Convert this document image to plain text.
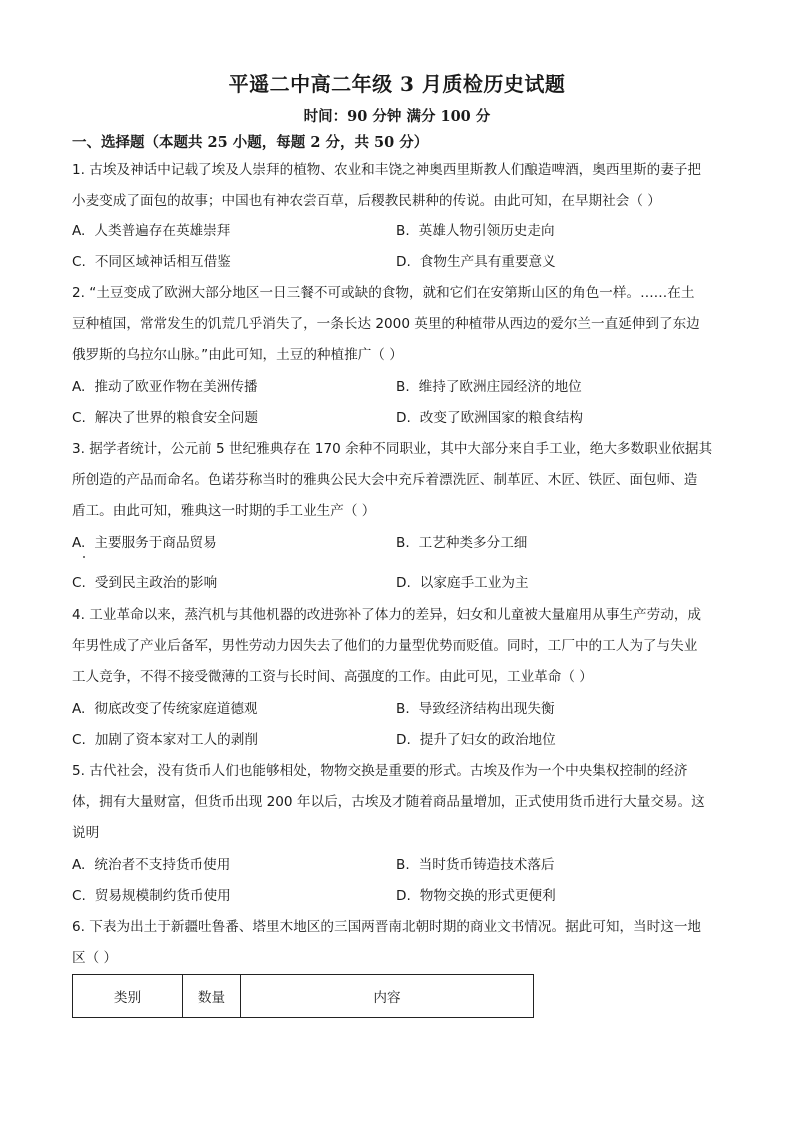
平遥二中高二年级 3 月质检历史试题
时间：90 分钟 满分 100 分
一、选择题（本题共 25 小题，每题 2 分，共 50 分）
1. 古埃及神话中记载了埃及人崇拜的植物、农业和丰饶之神奥西里斯教人们酿造啤酒，奥西里斯的妻子把
小麦变成了面包的故事；中国也有神农尝百草，后稷教民耕种的传说。由此可知，在早期社会（ ）
A. 人类普遍存在英雄崇拜	B. 英雄人物引领历史走向
C. 不同区域神话相互借鉴	D. 食物生产具有重要意义
2. “土豆变成了欧洲大部分地区一日三餐不可或缺的食物，就和它们在安第斯山区的角色一样。……在土
豆种植国，常常发生的饥荒几乎消失了，一条长达 2000 英里的种植带从西边的爱尔兰一直延伸到了东边
俄罗斯的乌拉尔山脉。”由此可知，土豆的种植推广（ ）
A. 推动了欧亚作物在美洲传播	B. 维持了欧洲庄园经济的地位
C. 解决了世界的粮食安全问题	D. 改变了欧洲国家的粮食结构
3. 据学者统计，公元前 5 世纪雅典存在 170 余种不同职业，其中大部分来自手工业，绝大多数职业依据其
所创造的产品而命名。色诺芬称当时的雅典公民大会中充斥着漂洗匠、制革匠、木匠、铁匠、面包师、造
盾工。由此可知，雅典这一时期的手工业生产（ ）
A. 主要服务于商品贸易	B. 工艺种类多分工细
C. 受到民主政治的影响	D. 以家庭手工业为主
4. 工业革命以来，蒸汽机与其他机器的改进弥补了体力的差异，妇女和儿童被大量雇用从事生产劳动，成
年男性成了产业后备军，男性劳动力因失去了他们的力量型优势而贬值。同时，工厂中的工人为了与失业
工人竞争，不得不接受微薄的工资与长时间、高强度的工作。由此可见，工业革命（ ）
A. 彻底改变了传统家庭道德观	B. 导致经济结构出现失衡
C. 加剧了资本家对工人的剥削	D. 提升了妇女的政治地位
5. 古代社会，没有货币人们也能够相处，物物交换是重要的形式。古埃及作为一个中央集权控制的经济
体，拥有大量财富，但货币出现 200 年以后，古埃及才随着商品量增加，正式使用货币进行大量交易。这
说明
A. 统治者不支持货币使用	B. 当时货币铸造技术落后
C. 贸易规模制约货币使用	D. 物物交换的形式更便利
6. 下表为出土于新疆吐鲁番、塔里木地区的三国两晋南北朝时期的商业文书情况。据此可知，当时这一地
区（ ）
类别	数量	内容
